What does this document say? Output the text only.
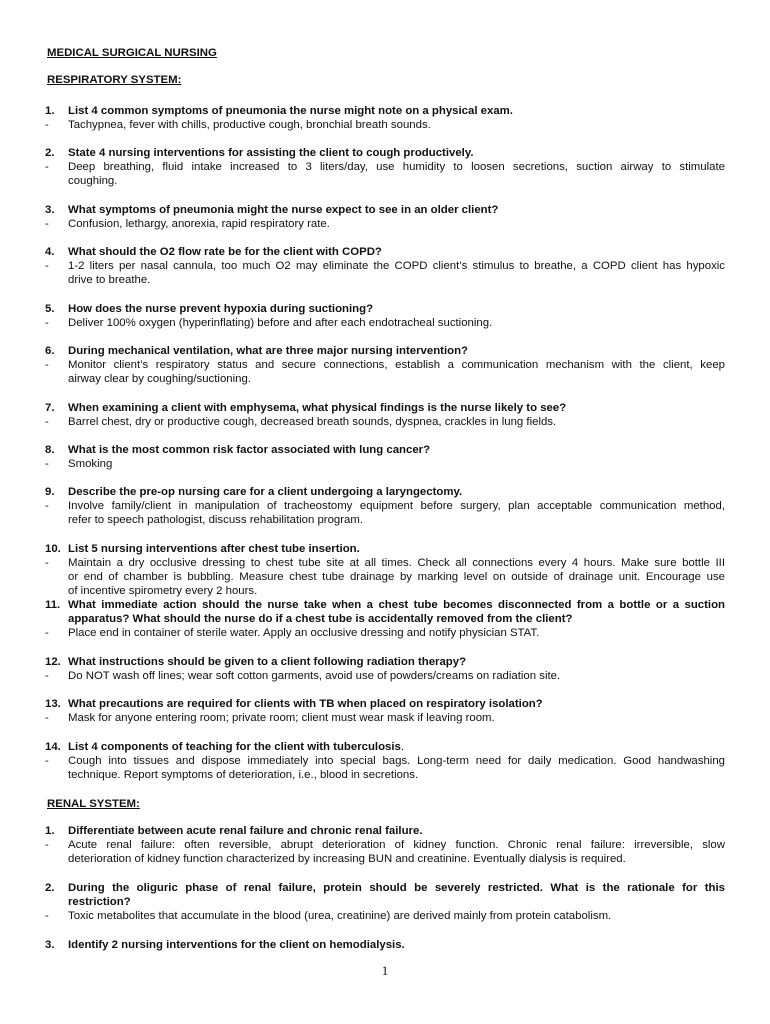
MEDICAL SURGICAL NURSING
RESPIRATORY SYSTEM:
1. List 4 common symptoms of pneumonia the nurse might note on a physical exam.
- Tachypnea, fever with chills, productive cough, bronchial breath sounds.
2. State 4 nursing interventions for assisting the client to cough productively.
- Deep breathing, fluid intake increased to 3 liters/day, use humidity to loosen secretions, suction airway to stimulate
coughing.
3. What symptoms of pneumonia might the nurse expect to see in an older client?
- Confusion, lethargy, anorexia, rapid respiratory rate.
4. What should the O2 flow rate be for the client with COPD?
- 1-2 liters per nasal cannula, too much O2 may eliminate the COPD client’s stimulus to breathe, a COPD client has hypoxic
drive to breathe.
5. How does the nurse prevent hypoxia during suctioning?
- Deliver 100% oxygen (hyperinflating) before and after each endotracheal suctioning.
6. During mechanical ventilation, what are three major nursing intervention?
- Monitor client’s respiratory status and secure connections, establish a communication mechanism with the client, keep
airway clear by coughing/suctioning.
7. When examining a client with emphysema, what physical findings is the nurse likely to see?
- Barrel chest, dry or productive cough, decreased breath sounds, dyspnea, crackles in lung fields.
8. What is the most common risk factor associated with lung cancer?
- Smoking
9. Describe the pre-op nursing care for a client undergoing a laryngectomy.
- Involve family/client in manipulation of tracheostomy equipment before surgery, plan acceptable communication method,
refer to speech pathologist, discuss rehabilitation program.
10. List 5 nursing interventions after chest tube insertion.
- Maintain a dry occlusive dressing to chest tube site at all times. Check all connections every 4 hours. Make sure bottle III
or end of chamber is bubbling. Measure chest tube drainage by marking level on outside of drainage unit. Encourage use
of incentive spirometry every 2 hours.
11. What immediate action should the nurse take when a chest tube becomes disconnected from a bottle or a suction
apparatus? What should the nurse do if a chest tube is accidentally removed from the client?
- Place end in container of sterile water. Apply an occlusive dressing and notify physician STAT.
12. What instructions should be given to a client following radiation therapy?
- Do NOT wash off lines; wear soft cotton garments, avoid use of powders/creams on radiation site.
13. What precautions are required for clients with TB when placed on respiratory isolation?
- Mask for anyone entering room; private room; client must wear mask if leaving room.
14. List 4 components of teaching for the client with tuberculosis.
- Cough into tissues and dispose immediately into special bags. Long-term need for daily medication. Good handwashing
technique. Report symptoms of deterioration, i.e., blood in secretions.
RENAL SYSTEM:
1. Differentiate between acute renal failure and chronic renal failure.
- Acute renal failure: often reversible, abrupt deterioration of kidney function. Chronic renal failure: irreversible, slow
deterioration of kidney function characterized by increasing BUN and creatinine. Eventually dialysis is required.
2. During the oliguric phase of renal failure, protein should be severely restricted. What is the rationale for this
restriction?
- Toxic metabolites that accumulate in the blood (urea, creatinine) are derived mainly from protein catabolism.
3. Identify 2 nursing interventions for the client on hemodialysis.
1
